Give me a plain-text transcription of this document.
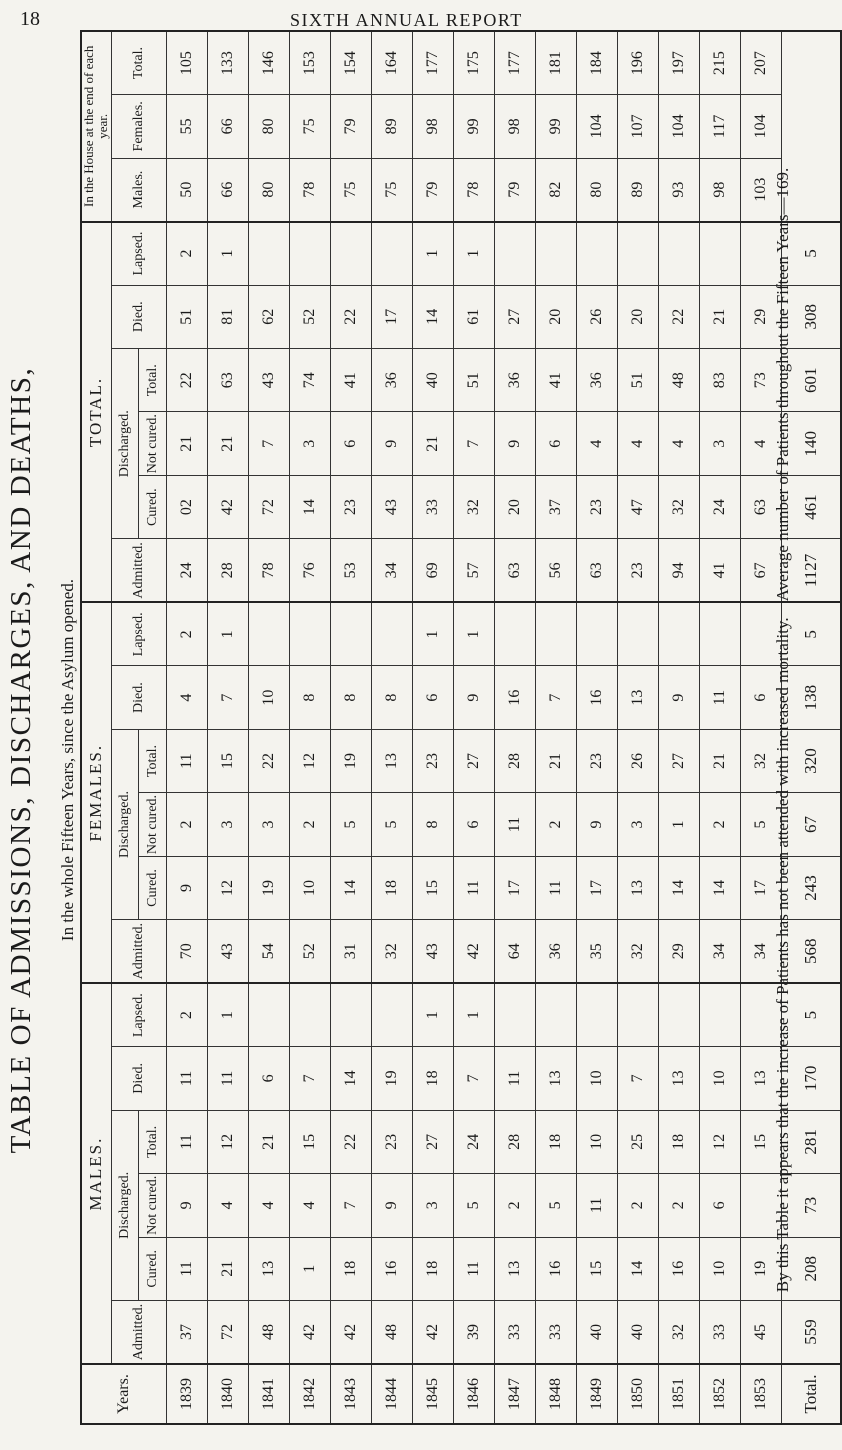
18	SIXTH ANNUAL REPORT
TABLE OF ADMISSIONS, DISCHARGES, AND DEATHS, In the whole Fifteen Years, since the Asylum opened.
Years.	MALES.						FEMALES.						TOTAL.						In the House at the end of each year.		
	Admitted.	Discharged.			Died.	Lapsed.	Admitted.	Discharged.			Died.	Lapsed.	Admitted.	Discharged.			Died.	Lapsed.	Males.	Females.	Total.
		Cured.	Not cured.	Total.				Cured.	Not cured.	Total.				Cured.	Not cured.	Total.					
1839	37	11	9	11	11	2	70	9	2	11	4	2	24	02	21	22	51	2	50	55	105
1840	72	21	4	12	11	1	43	12	3	15	7	1	28	42	21	63	81	1	66	66	133
1841	48	13	4	21	6		54	19	3	22	10		78	72	7	43	62		80	80	146
1842	42	1	4	15	7		52	10	2	12	8		76	14	3	74	52		78	75	153
1843	42	18	7	22	14		31	14	5	19	8		53	23	6	41	22		75	79	154
1844	48	16	9	23	19		32	18	5	13	8		34	43	9	36	17		75	89	164
1845	42	18	3	27	18	1	43	15	8	23	6	1	69	33	21	40	14	1	79	98	177
1846	39	11	5	24	7	1	42	11	6	27	9	1	57	32	7	51	61	1	78	99	175
1847	33	13	2	28	11		64	17	11	28	16		63	20	9	36	27		79	98	177
1848	33	16	5	18	13		36	11	2	21	7		56	37	6	41	20		82	99	181
1849	40	15	11	10	10		35	17	9	23	16		63	23	4	36	26		80	104	184
1850	40	14	2	25	7		32	13	3	26	13		23	47	4	51	20		89	107	196
1851	32	16	2	18	13		29	14	1	27	9		94	32	4	48	22		93	104	197
1852	33	10	6	12	10		34	14	2	21	11		41	24	3	83	21		98	117	215
1853	45	19		15	13		34	17	5	32	6		67	63	4	73	29		103	104	207
Total.	559	208	73	281	170	5	568	243	67	320	138	5	1127	461	140	601	308	5			
By this Table it appears that the increase of Patients has not been attended with increased mortality.    Average number of Patients throughout the Fifteen Years—169.
